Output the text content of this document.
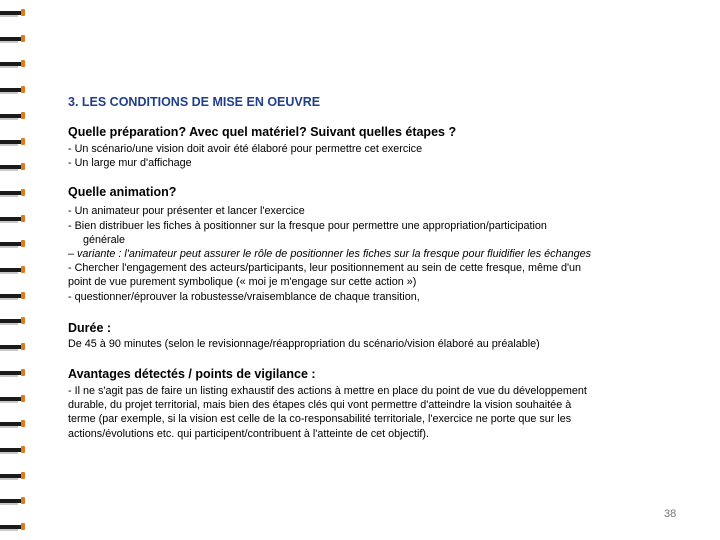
3. LES CONDITIONS DE MISE EN OEUVRE

Quelle préparation? Avec quel matériel? Suivant quelles étapes ?

- Un scénario/une vision doit avoir été élaboré pour permettre cet exercice

- Un large mur d'affichage

Quelle animation?

- Un animateur pour présenter et lancer l'exercice

- Bien distribuer les fiches à positionner sur la fresque pour permettre une appropriation/participation

générale

– variante : l'animateur peut assurer le rôle de positionner les fiches sur la fresque pour fluidifier les échanges

- Chercher l'engagement des acteurs/participants, leur positionnement au sein de cette fresque, même d'un

point de vue purement symbolique (« moi je m'engage sur cette action »)

- questionner/éprouver la robustesse/vraisemblance de chaque transition,

Durée :

De 45 à 90 minutes (selon le revisionnage/réappropriation du scénario/vision élaboré au préalable)

Avantages détectés / points de vigilance :

- Il ne s'agit pas de faire un listing exhaustif des actions à mettre en place du point de vue du développement

durable, du projet territorial, mais bien des étapes clés qui vont permettre d'atteindre la vision souhaitée à

terme (par exemple, si la vision est celle de la co-responsabilité territoriale, l'exercice ne porte que sur les

actions/évolutions etc. qui participent/contribuent à l'atteinte de cet objectif).

38
